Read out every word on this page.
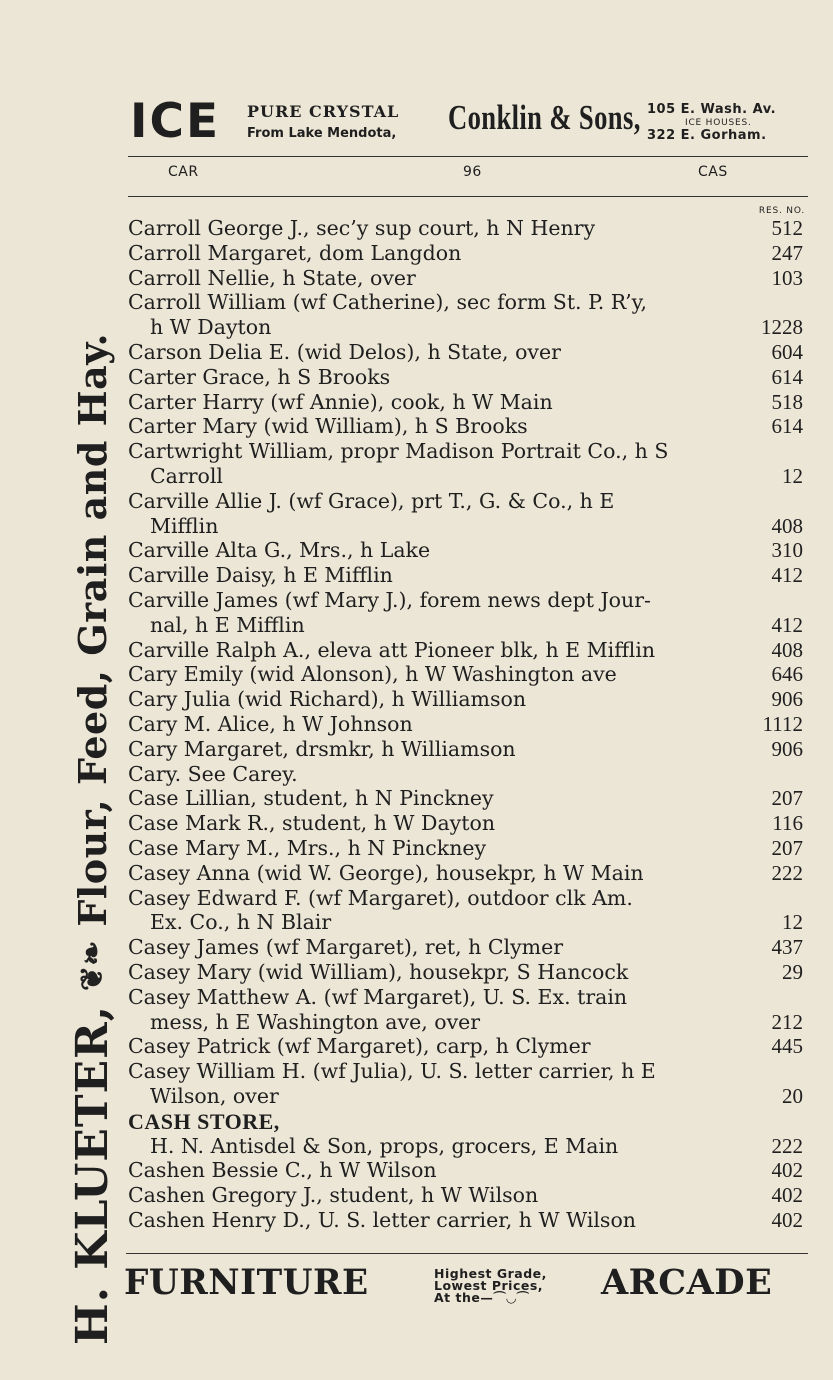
H. KLUETER,
❦❧
Flour, Feed, Grain and Hay.
ICE PURE CRYSTAL
From Lake Mendota, Conklin & Sons, 105 E. Wash. Av.
ICE HOUSES.
322 E. Gorham.
CAR	96	CAS
RES. NO.
Carroll George J., sec’y sup court, h N Henry	512
Carroll Margaret, dom Langdon	247
Carroll Nellie, h State, over	103
Carroll William (wf Catherine), sec form St. P. R’y,
h W Dayton	1228
Carson Delia E. (wid Delos), h State, over	604
Carter Grace, h S Brooks	614
Carter Harry (wf Annie), cook, h W Main	518
Carter Mary (wid William), h S Brooks	614
Cartwright William, propr Madison Portrait Co., h S
Carroll	12
Carville Allie J. (wf Grace), prt T., G. & Co., h E
Mifflin	408
Carville Alta G., Mrs., h Lake	310
Carville Daisy, h E Mifflin	412
Carville James (wf Mary J.), forem news dept Jour-
nal, h E Mifflin	412
Carville Ralph A., eleva att Pioneer blk, h E Mifflin	408
Cary Emily (wid Alonson), h W Washington ave	646
Cary Julia (wid Richard), h Williamson	906
Cary M. Alice, h W Johnson	1112
Cary Margaret, drsmkr, h Williamson	906
Cary. See Carey.
Case Lillian, student, h N Pinckney	207
Case Mark R., student, h W Dayton	116
Case Mary M., Mrs., h N Pinckney	207
Casey Anna (wid W. George), housekpr, h W Main	222
Casey Edward F. (wf Margaret), outdoor clk Am.
Ex. Co., h N Blair	12
Casey James (wf Margaret), ret, h Clymer	437
Casey Mary (wid William), housekpr, S Hancock	29
Casey Matthew A. (wf Margaret), U. S. Ex. train
mess, h E Washington ave, over	212
Casey Patrick (wf Margaret), carp, h Clymer	445
Casey William H. (wf Julia), U. S. letter carrier, h E
Wilson, over	20
CASH STORE,
H. N. Antisdel & Son, props, grocers, E Main	222
Cashen Bessie C., h W Wilson	402
Cashen Gregory J., student, h W Wilson	402
Cashen Henry D., U. S. letter carrier, h W Wilson	402
FURNITURE	Highest Grade,
Lowest Prices,
At the—⌒◡⌒ ARCADE
